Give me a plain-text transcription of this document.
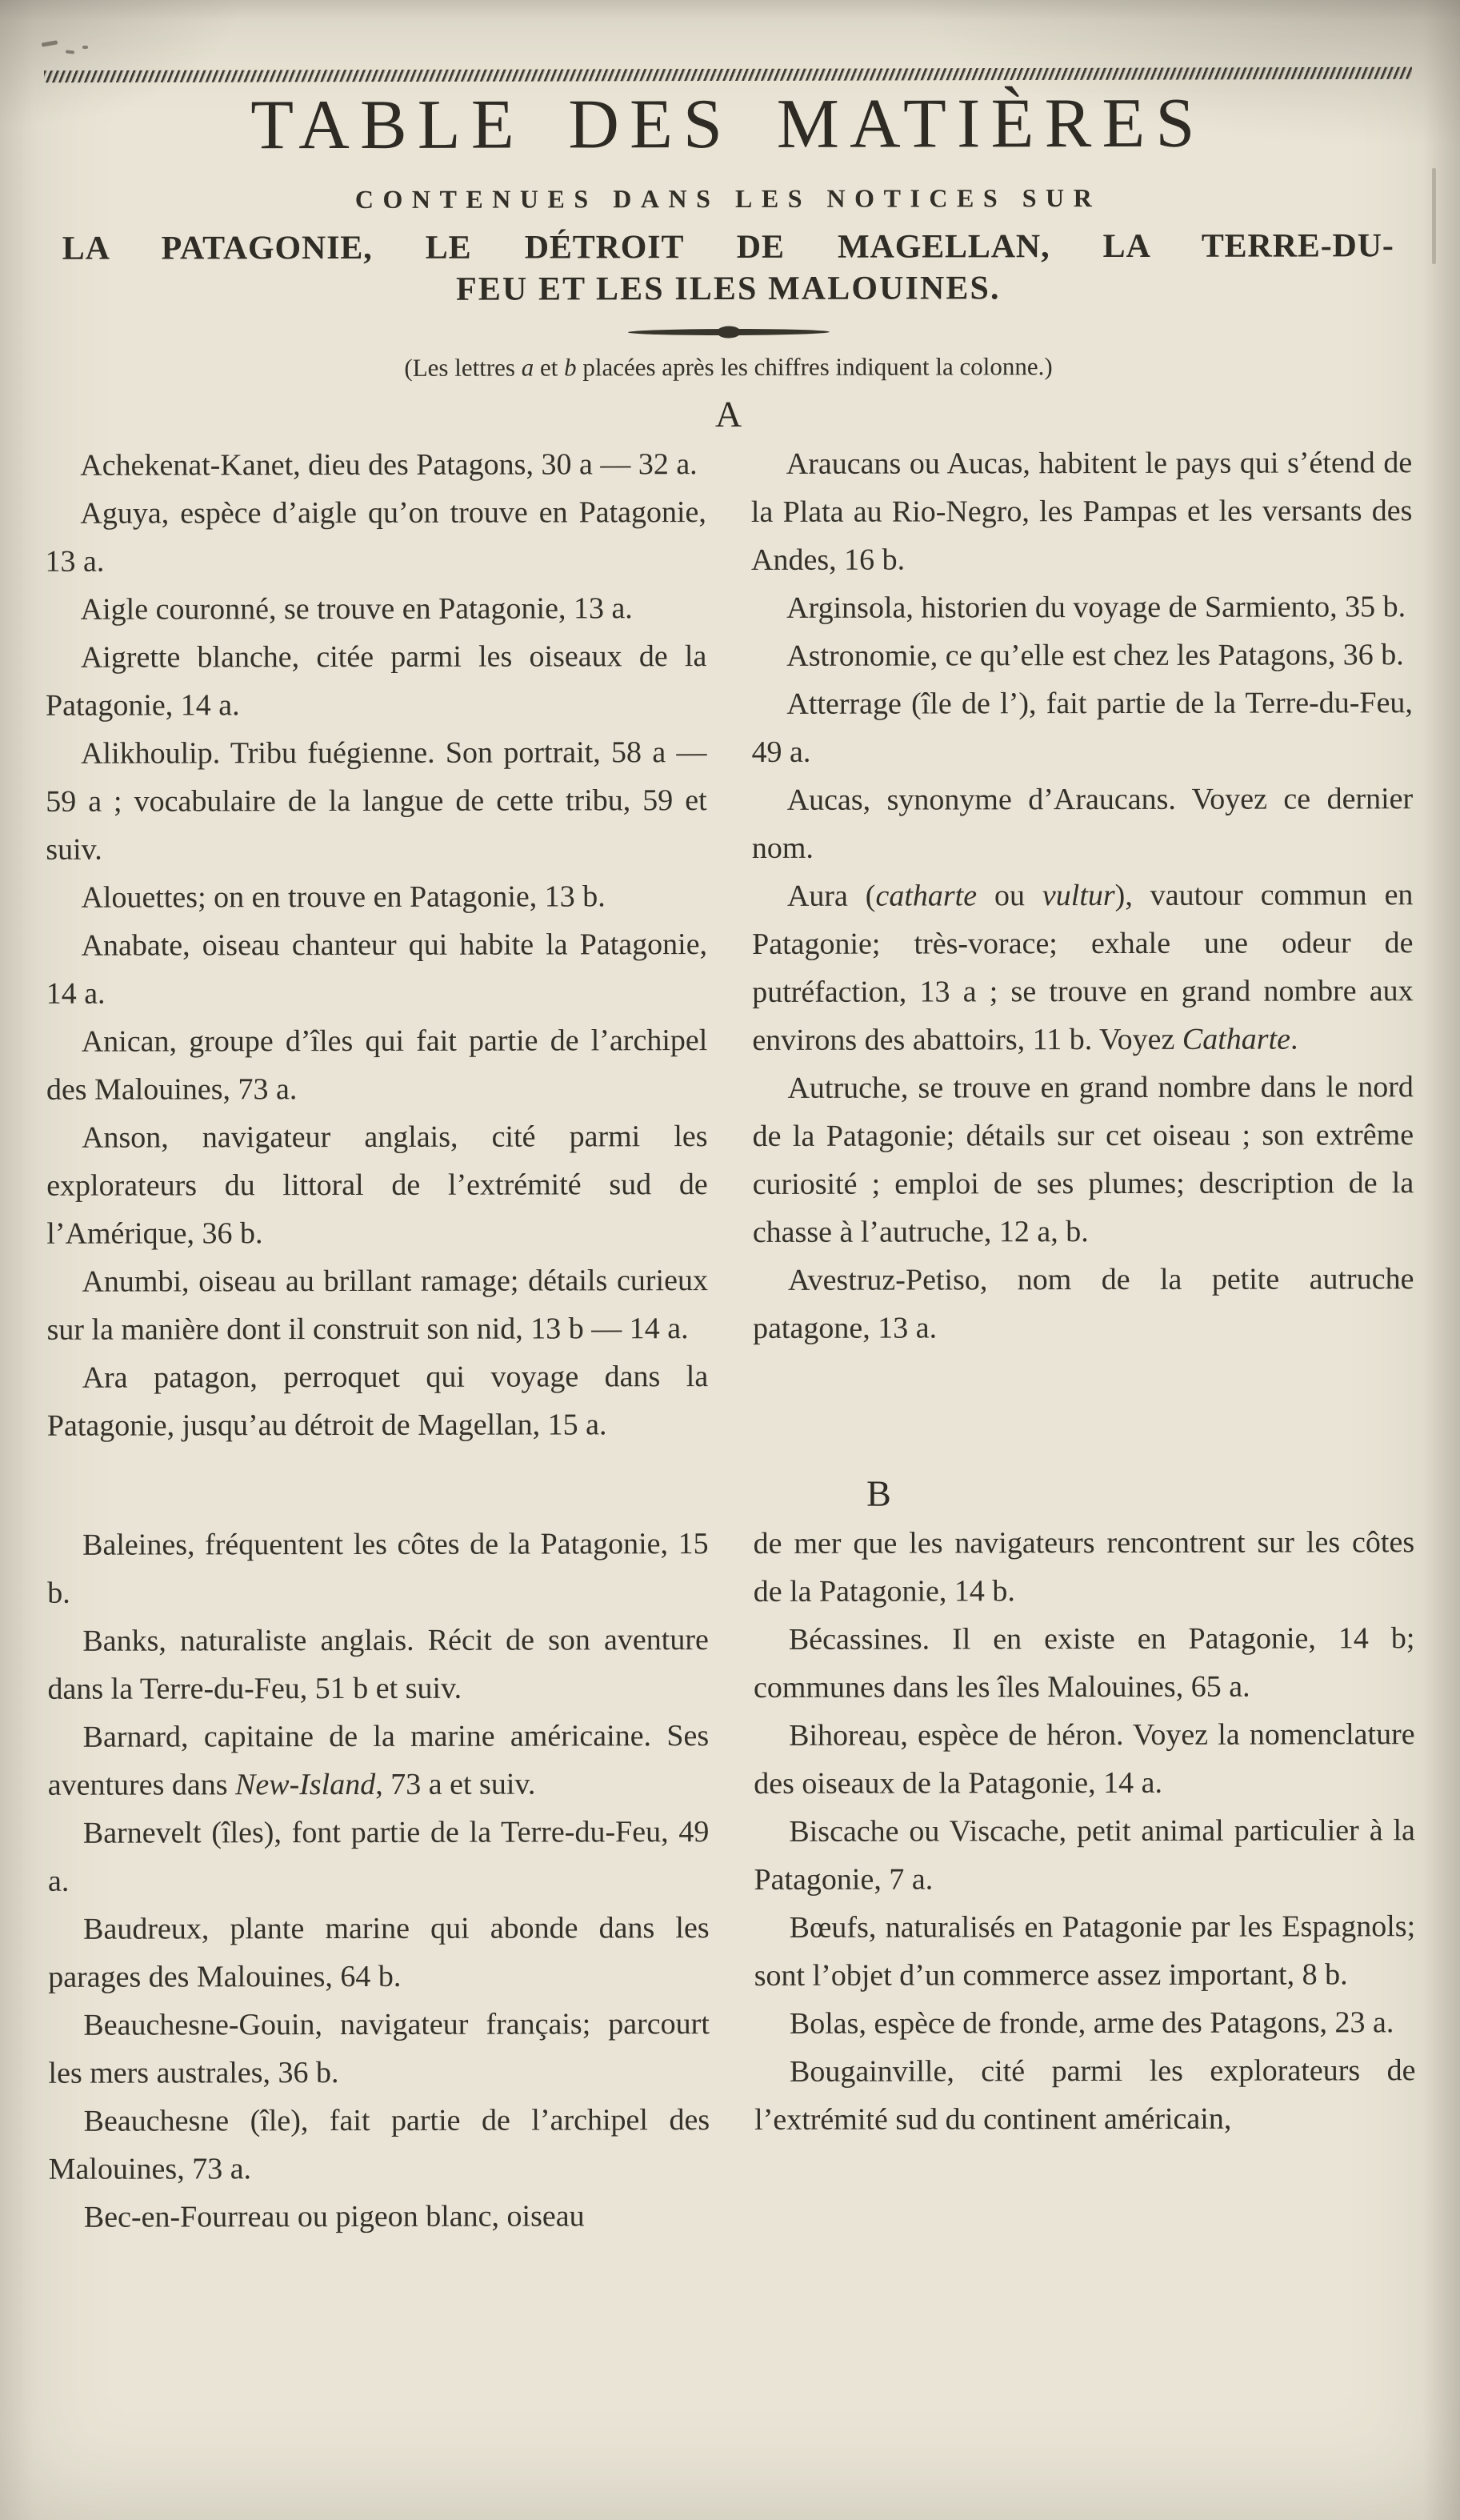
TABLE DES MATIÈRES
CONTENUES DANS LES NOTICES SUR
LA PATAGONIE, LE DÉTROIT DE MAGELLAN, LA TERRE-DU-
FEU ET LES ILES MALOUINES.
(Les lettres a et b placées après les chiffres indiquent la colonne.)
A

Achekenat-Kanet, dieu des Patagons, 30 a — 32 a.

Aguya, espèce d’aigle qu’on trouve en Patagonie, 13 a.

Aigle couronné, se trouve en Patagonie, 13 a.

Aigrette blanche, citée parmi les oiseaux de la Patagonie, 14 a.

Alikhoulip. Tribu fuégienne. Son portrait, 58 a — 59 a ; vocabulaire de la langue de cette tribu, 59 et suiv.

Alouettes; on en trouve en Patagonie, 13 b.

Anabate, oiseau chanteur qui habite la Patagonie, 14 a.

Anican, groupe d’îles qui fait partie de l’archipel des Malouines, 73 a.

Anson, navigateur anglais, cité parmi les explorateurs du littoral de l’extrémité sud de l’Amérique, 36 b.

Anumbi, oiseau au brillant ramage; détails curieux sur la manière dont il construit son nid, 13 b — 14 a.

Ara patagon, perroquet qui voyage dans la Patagonie, jusqu’au détroit de Magellan, 15 a.

Araucans ou Aucas, habitent le pays qui s’étend de la Plata au Rio-Negro, les Pampas et les versants des Andes, 16 b.

Arginsola, historien du voyage de Sarmiento, 35 b.

Astronomie, ce qu’elle est chez les Patagons, 36 b.

Atterrage (île de l’), fait partie de la Terre-du-Feu, 49 a.

Aucas, synonyme d’Araucans. Voyez ce dernier nom.

Aura (catharte ou vultur), vautour commun en Patagonie; très-vorace; exhale une odeur de putréfaction, 13 a ; se trouve en grand nombre aux environs des abattoirs, 11 b. Voyez Catharte.

Autruche, se trouve en grand nombre dans le nord de la Patagonie; détails sur cet oiseau ; son extrême curiosité ; emploi de ses plumes; description de la chasse à l’autruche, 12 a, b.

Avestruz-Petiso, nom de la petite autruche patagone, 13 a.

B

Baleines, fréquentent les côtes de la Patagonie, 15 b.

Banks, naturaliste anglais. Récit de son aventure dans la Terre-du-Feu, 51 b et suiv.

Barnard, capitaine de la marine américaine. Ses aventures dans New-Island, 73 a et suiv.

Barnevelt (îles), font partie de la Terre-du-Feu, 49 a.

Baudreux, plante marine qui abonde dans les parages des Malouines, 64 b.

Beauchesne-Gouin, navigateur français; parcourt les mers australes, 36 b.

Beauchesne (île), fait partie de l’archipel des Malouines, 73 a.

Bec-en-Fourreau ou pigeon blanc, oiseau

de mer que les navigateurs rencontrent sur les côtes de la Patagonie, 14 b.

Bécassines. Il en existe en Patagonie, 14 b; communes dans les îles Malouines, 65 a.

Bihoreau, espèce de héron. Voyez la nomenclature des oiseaux de la Patagonie, 14 a.

Biscache ou Viscache, petit animal particulier à la Patagonie, 7 a.

Bœufs, naturalisés en Patagonie par les Espagnols; sont l’objet d’un commerce assez important, 8 b.

Bolas, espèce de fronde, arme des Patagons, 23 a.

Bougainville, cité parmi les explorateurs de l’extrémité sud du continent américain,
